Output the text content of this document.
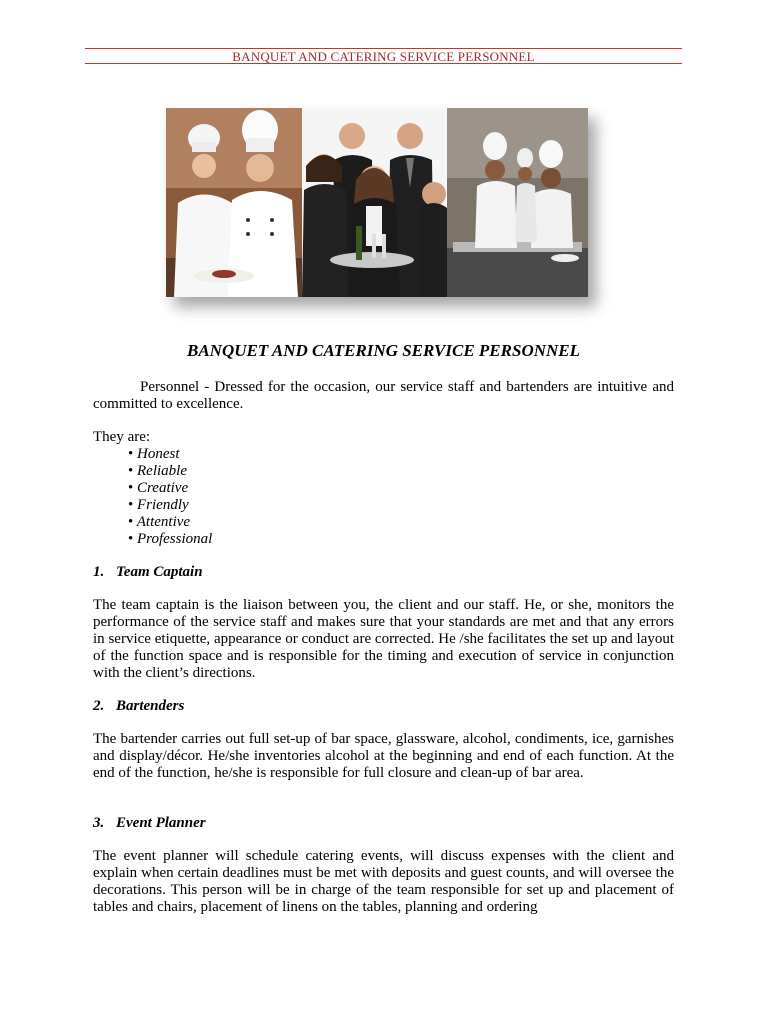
BANQUET AND CATERING SERVICE PERSONNEL
BANQUET AND CATERING SERVICE PERSONNEL

Personnel - Dressed for the occasion, our service staff and bartenders are intuitive and committed to excellence.

They are:

• Honest
• Reliable
• Creative
• Friendly
• Attentive
• Professional

1. Team Captain

The team captain is the liaison between you, the client and our staff. He, or she, monitors the performance of the service staff and makes sure that your standards are met and that any errors in service etiquette, appearance or conduct are corrected. He /she facilitates the set up and layout of the function space and is responsible for the timing and execution of service in conjunction with the client’s directions.

2. Bartenders

The bartender carries out full set-up of bar space, glassware, alcohol, condiments, ice, garnishes and display/décor. He/she inventories alcohol at the beginning and end of each function. At the end of the function, he/she is responsible for full closure and clean-up of bar area.

3. Event Planner

The event planner will schedule catering events, will discuss expenses with the client and explain when certain deadlines must be met with deposits and guest counts, and will oversee the decorations. This person will be in charge of the team responsible for set up and placement of tables and chairs, placement of linens on the tables, planning and ordering
